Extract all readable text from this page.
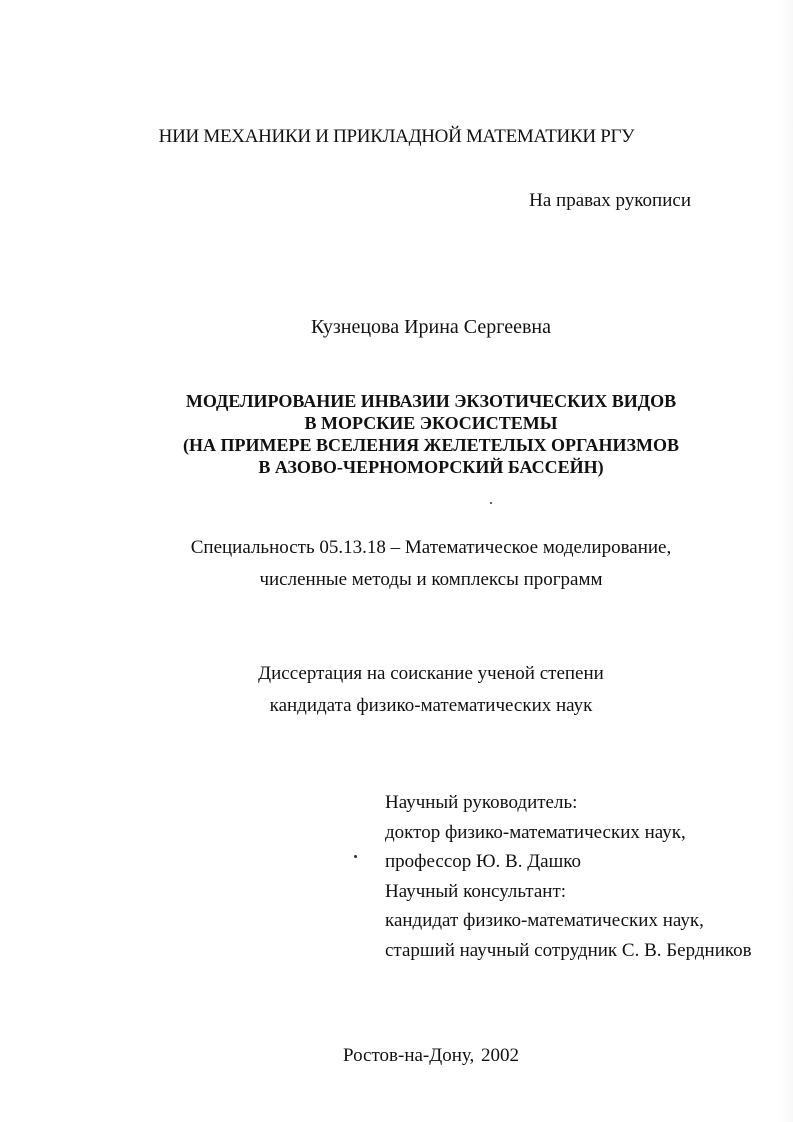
НИИ МЕХАНИКИ И ПРИКЛАДНОЙ МАТЕМАТИКИ РГУ
На правах рукописи
Кузнецова Ирина Сергеевна
МОДЕЛИРОВАНИЕ ИНВАЗИИ ЭКЗОТИЧЕСКИХ ВИДОВ
В МОРСКИЕ ЭКОСИСТЕМЫ
(НА ПРИМЕРЕ ВСЕЛЕНИЯ ЖЕЛЕТЕЛЫХ ОРГАНИЗМОВ
В АЗОВО-ЧЕРНОМОРСКИЙ БАССЕЙН)
Специальность 05.13.18 – Математическое моделирование,
численные методы и комплексы программ
Диссертация на соискание ученой степени
кандидата физико-математических наук
Научный руководитель:
доктор физико-математических наук,
профессор Ю. В. Дашко
Научный консультант:
кандидат физико-математических наук,
старший научный сотрудник С. В. Бердников
Ростов-на-Дону, 2002
